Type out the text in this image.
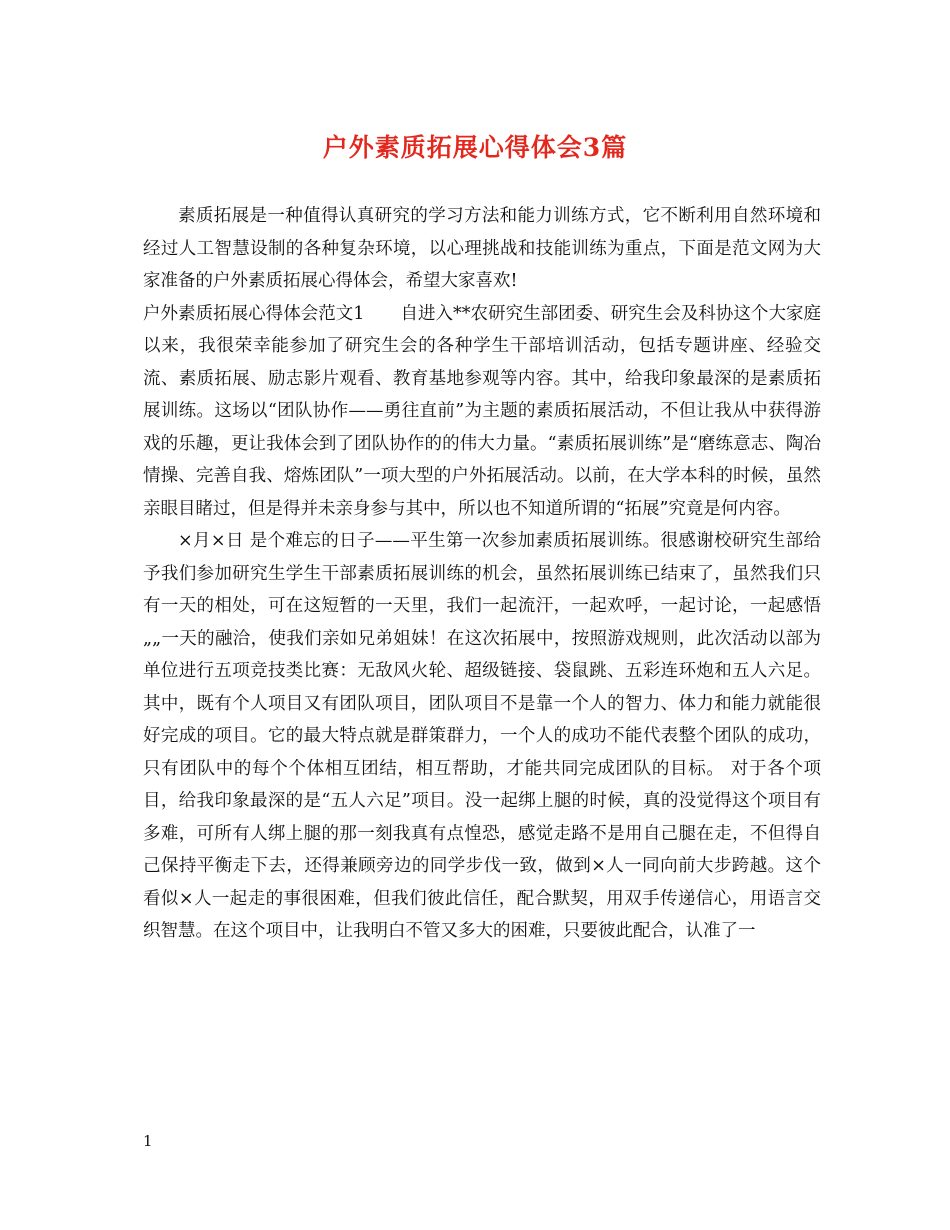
户外素质拓展心得体会3篇

素质拓展是一种值得认真研究的学习方法和能力训练方式，它不断利用自然环境和经过人工智慧设制的各种复杂环境，以心理挑战和技能训练为重点，下面是范文网为大家准备的户外素质拓展心得体会，希望大家喜欢!

户外素质拓展心得体会范文1 自进入**农研究生部团委、研究生会及科协这个大家庭以来，我很荣幸能参加了研究生会的各种学生干部培训活动，包括专题讲座、经验交流、素质拓展、励志影片观看、教育基地参观等内容。其中，给我印象最深的是素质拓展训练。这场以“团队协作——勇往直前”为主题的素质拓展活动，不但让我从中获得游戏的乐趣，更让我体会到了团队协作的的伟大力量。“素质拓展训练”是“磨练意志、陶冶情操、完善自我、熔炼团队”一项大型的户外拓展活动。以前，在大学本科的时候，虽然亲眼目睹过，但是得并未亲身参与其中，所以也不知道所谓的“拓展”究竟是何内容。

×月×日 是个难忘的日子——平生第一次参加素质拓展训练。很感谢校研究生部给予我们参加研究生学生干部素质拓展训练的机会，虽然拓展训练已结束了，虽然我们只有一天的相处，可在这短暂的一天里，我们一起流汗，一起欢呼，一起讨论，一起感悟„„一天的融洽，使我们亲如兄弟姐妹！在这次拓展中，按照游戏规则，此次活动以部为单位进行五项竞技类比赛：无敌风火轮、超级链接、袋鼠跳、五彩连环炮和五人六足。其中，既有个人项目又有团队项目，团队项目不是靠一个人的智力、体力和能力就能很好完成的项目。它的最大特点就是群策群力，一个人的成功不能代表整个团队的成功，只有团队中的每个个体相互团结，相互帮助，才能共同完成团队的目标。 对于各个项目，给我印象最深的是“五人六足”项目。没一起绑上腿的时候，真的没觉得这个项目有多难，可所有人绑上腿的那一刻我真有点惶恐，感觉走路不是用自己腿在走，不但得自己保持平衡走下去，还得兼顾旁边的同学步伐一致，做到×人一同向前大步跨越。这个看似×人一起走的事很困难，但我们彼此信任，配合默契，用双手传递信心，用语言交织智慧。在这个项目中，让我明白不管又多大的困难，只要彼此配合，认准了一

1
